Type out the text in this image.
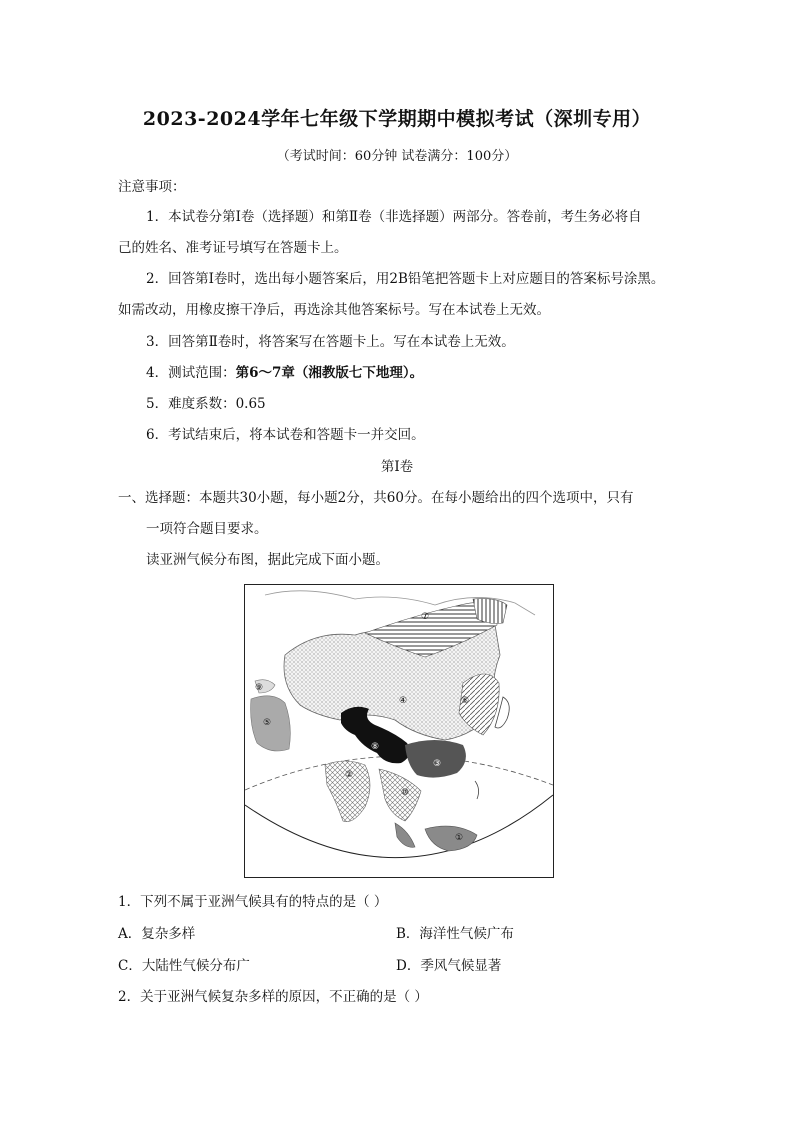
2023-2024学年七年级下学期期中模拟考试（深圳专用）
（考试时间：60分钟 试卷满分：100分）
注意事项：
1．本试卷分第Ⅰ卷（选择题）和第Ⅱ卷（非选择题）两部分。答卷前，考生务必将自
己的姓名、准考证号填写在答题卡上。
2．回答第Ⅰ卷时，选出每小题答案后，用2B铅笔把答题卡上对应题目的答案标号涂黑。
如需改动，用橡皮擦干净后，再选涂其他答案标号。写在本试卷上无效。
3．回答第Ⅱ卷时，将答案写在答题卡上。写在本试卷上无效。
4．测试范围：第6～7章（湘教版七下地理）。
5．难度系数：0.65
6．考试结束后，将本试卷和答题卡一并交回。
第Ⅰ卷
一、选择题：本题共30小题，每小题2分，共60分。在每小题给出的四个选项中，只有
一项符合题目要求。
读亚洲气候分布图，据此完成下面小题。
①
②
③
④
⑤
⑥
⑦
⑧
⑨
⑩
1．下列不属于亚洲气候具有的特点的是（ ）
A．复杂多样	B．海洋性气候广布
C．大陆性气候分布广	D．季风气候显著
2．关于亚洲气候复杂多样的原因，不正确的是（ ）
